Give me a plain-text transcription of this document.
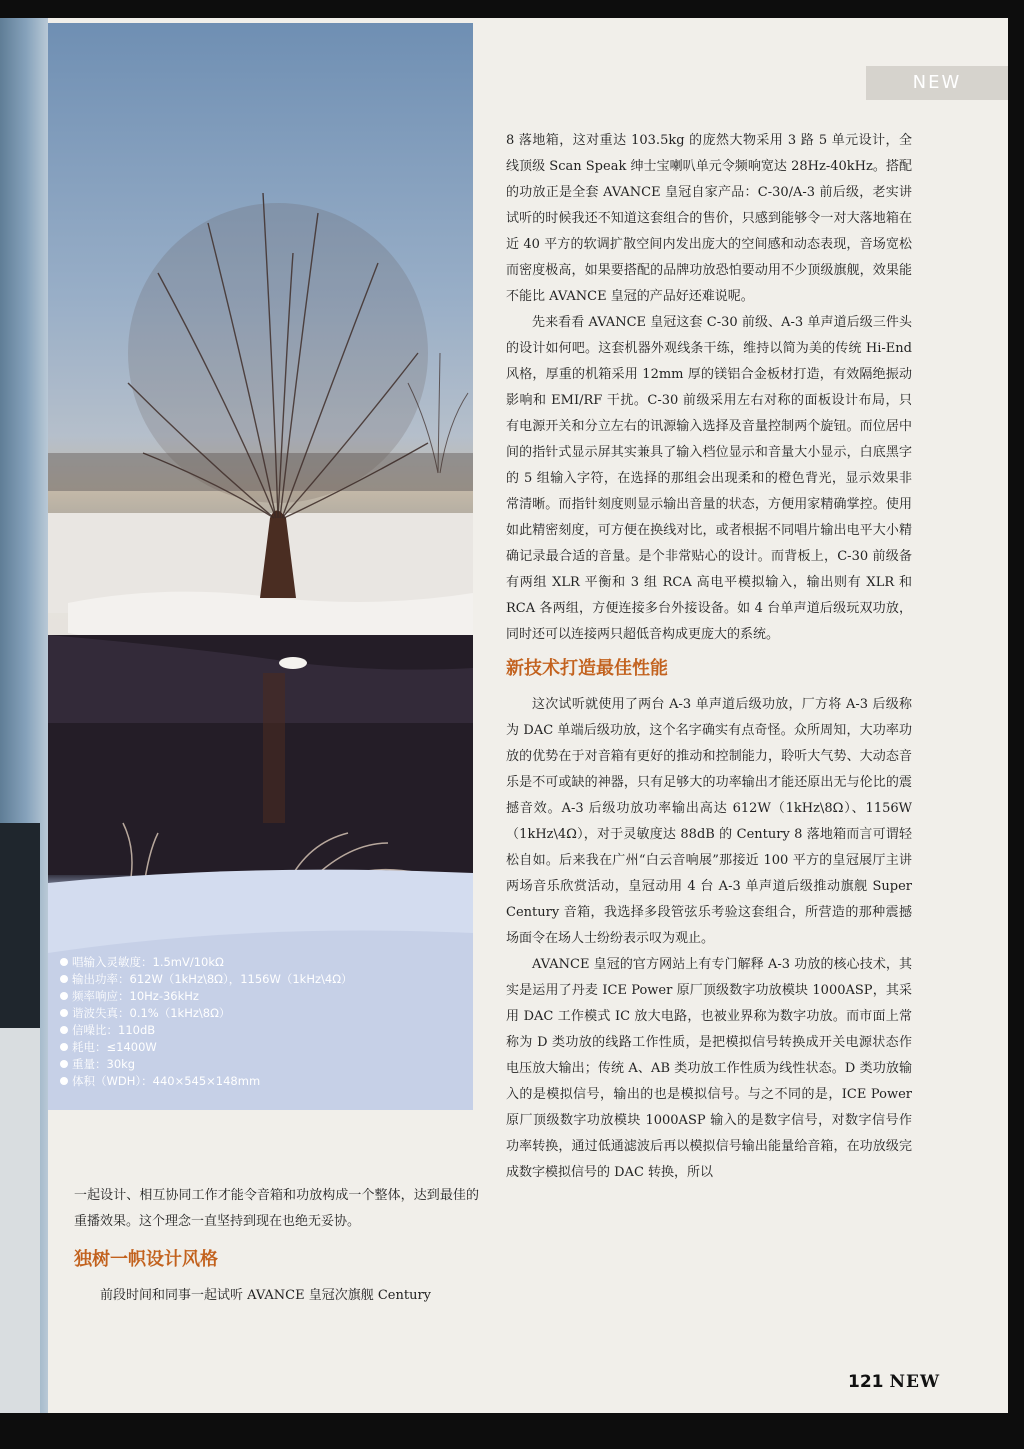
NEW
唱输入灵敏度：1.5mV/10kΩ
输出功率：612W（1kHz\8Ω），1156W（1kHz\4Ω）
频率响应：10Hz-36kHz
谐波失真：0.1%（1kHz\8Ω）
信噪比：110dB
耗电：≤1400W
重量：30kg
体积（WDH）：440×545×148mm

8 落地箱，这对重达 103.5kg 的庞然大物采用 3 路 5 单元设计，全线顶级 Scan Speak 绅士宝喇叭单元令频响宽达 28Hz-40kHz。搭配的功放正是全套 AVANCE 皇冠自家产品：C-30/A-3 前后级，老实讲试听的时候我还不知道这套组合的售价，只感到能够令一对大落地箱在近 40 平方的软调扩散空间内发出庞大的空间感和动态表现，音场宽松而密度极高，如果要搭配的品牌功放恐怕要动用不少顶级旗舰，效果能不能比 AVANCE 皇冠的产品好还难说呢。

先来看看 AVANCE 皇冠这套 C-30 前级、A-3 单声道后级三件头的设计如何吧。这套机器外观线条干练，维持以简为美的传统 Hi-End 风格，厚重的机箱采用 12mm 厚的镁铝合金板材打造，有效隔绝振动影响和 EMI/RF 干扰。C-30 前级采用左右对称的面板设计布局，只有电源开关和分立左右的讯源输入选择及音量控制两个旋钮。而位居中间的指针式显示屏其实兼具了输入档位显示和音量大小显示，白底黑字的 5 组输入字符，在选择的那组会出现柔和的橙色背光，显示效果非常清晰。而指针刻度则显示输出音量的状态，方便用家精确掌控。使用如此精密刻度，可方便在换线对比，或者根据不同唱片输出电平大小精确记录最合适的音量。是个非常贴心的设计。而背板上，C-30 前级备有两组 XLR 平衡和 3 组 RCA 高电平模拟输入，输出则有 XLR 和 RCA 各两组，方便连接多台外接设备。如 4 台单声道后级玩双功放，同时还可以连接两只超低音构成更庞大的系统。

新技术打造最佳性能

这次试听就使用了两台 A-3 单声道后级功放，厂方将 A-3 后级称为 DAC 单端后级功放，这个名字确实有点奇怪。众所周知，大功率功放的优势在于对音箱有更好的推动和控制能力，聆听大气势、大动态音乐是不可或缺的神器，只有足够大的功率输出才能还原出无与伦比的震撼音效。A-3 后级功放功率输出高达 612W（1kHz\8Ω）、1156W（1kHz\4Ω），对于灵敏度达 88dB 的 Century 8 落地箱而言可谓轻松自如。后来我在广州“白云音响展”那接近 100 平方的皇冠展厅主讲两场音乐欣赏活动，皇冠动用 4 台 A-3 单声道后级推动旗舰 Super Century 音箱，我选择多段管弦乐考验这套组合，所营造的那种震撼场面令在场人士纷纷表示叹为观止。

AVANCE 皇冠的官方网站上有专门解释 A-3 功放的核心技术，其实是运用了丹麦 ICE Power 原厂顶级数字功放模块 1000ASP，其采用 DAC 工作模式 IC 放大电路，也被业界称为数字功放。而市面上常称为 D 类功放的线路工作性质，是把模拟信号转换成开关电源状态作电压放大输出；传统 A、AB 类功放工作性质为线性状态。D 类功放输入的是模拟信号，输出的也是模拟信号。与之不同的是，ICE Power 原厂顶级数字功放模块 1000ASP 输入的是数字信号，对数字信号作功率转换，通过低通滤波后再以模拟信号输出能量给音箱，在功放级完成数字模拟信号的 DAC 转换，所以

一起设计、相互协同工作才能令音箱和功放构成一个整体，达到最佳的重播效果。这个理念一直坚持到现在也绝无妥协。

独树一帜设计风格

前段时间和同事一起试听 AVANCE 皇冠次旗舰 Century

121 NEW
